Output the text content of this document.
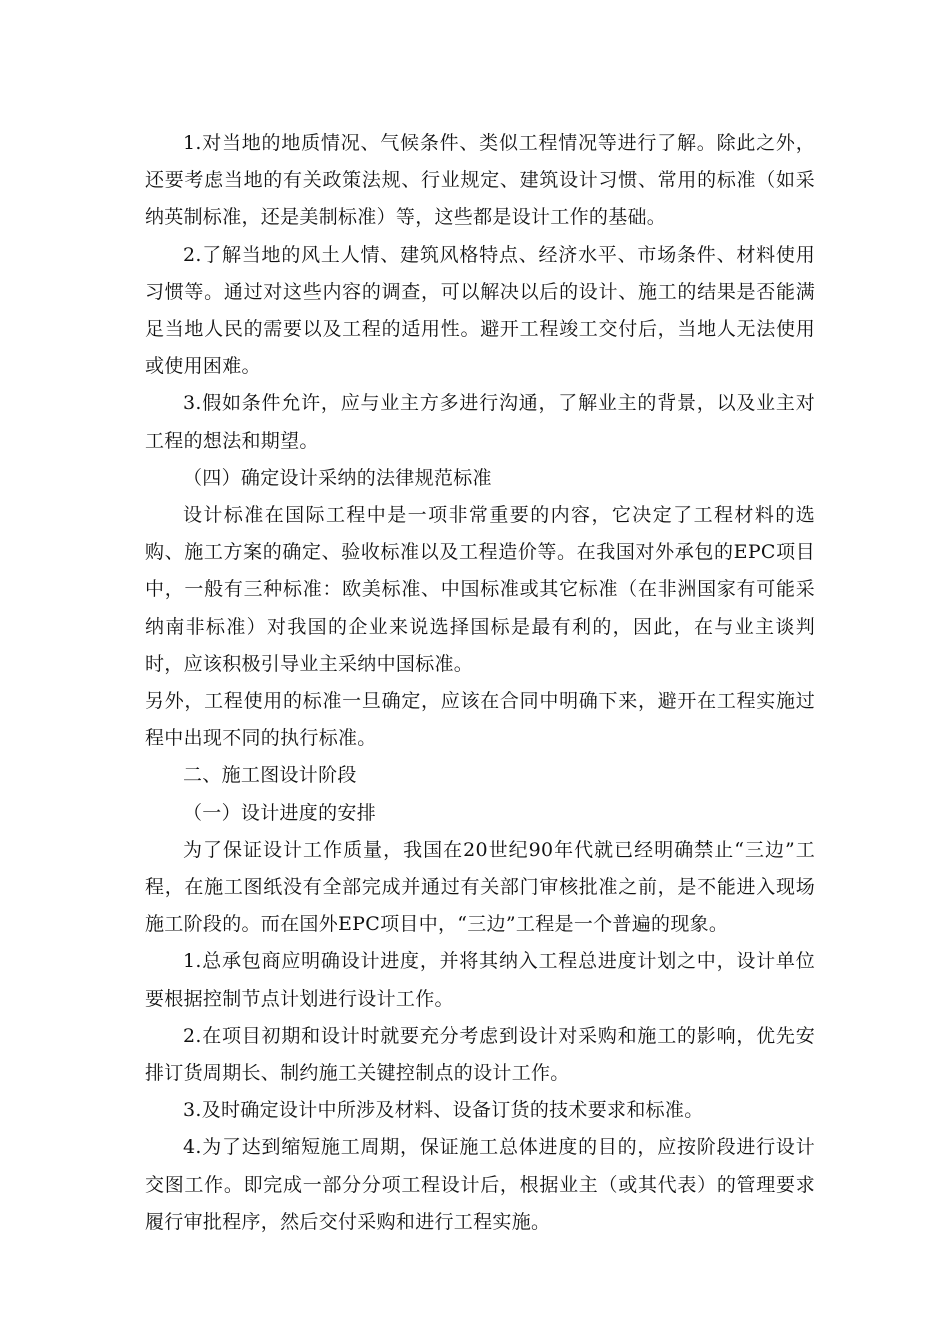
1.对当地的地质情况、气候条件、类似工程情况等进行了解。除此之外，还要考虑当地的有关政策法规、行业规定、建筑设计习惯、常用的标准（如采纳英制标准，还是美制标准）等，这些都是设计工作的基础。

2.了解当地的风土人情、建筑风格特点、经济水平、市场条件、材料使用习惯等。通过对这些内容的调查，可以解决以后的设计、施工的结果是否能满足当地人民的需要以及工程的适用性。避开工程竣工交付后，当地人无法使用或使用困难。

3.假如条件允许，应与业主方多进行沟通，了解业主的背景，以及业主对工程的想法和期望。

（四）确定设计采纳的法律规范标准

设计标准在国际工程中是一项非常重要的内容，它决定了工程材料的选购、施工方案的确定、验收标准以及工程造价等。在我国对外承包的EPC项目中，一般有三种标准：欧美标准、中国标准或其它标准（在非洲国家有可能采纳南非标准）对我国的企业来说选择国标是最有利的，因此，在与业主谈判时，应该积极引导业主采纳中国标准。

另外，工程使用的标准一旦确定，应该在合同中明确下来，避开在工程实施过程中出现不同的执行标准。

二、施工图设计阶段

（一）设计进度的安排

为了保证设计工作质量，我国在20世纪90年代就已经明确禁止“三边”工程，在施工图纸没有全部完成并通过有关部门审核批准之前，是不能进入现场施工阶段的。而在国外EPC项目中，“三边”工程是一个普遍的现象。

1.总承包商应明确设计进度，并将其纳入工程总进度计划之中，设计单位要根据控制节点计划进行设计工作。

2.在项目初期和设计时就要充分考虑到设计对采购和施工的影响，优先安排订货周期长、制约施工关键控制点的设计工作。

3.及时确定设计中所涉及材料、设备订货的技术要求和标准。

4.为了达到缩短施工周期，保证施工总体进度的目的，应按阶段进行设计交图工作。即完成一部分分项工程设计后，根据业主（或其代表）的管理要求履行审批程序，然后交付采购和进行工程实施。
